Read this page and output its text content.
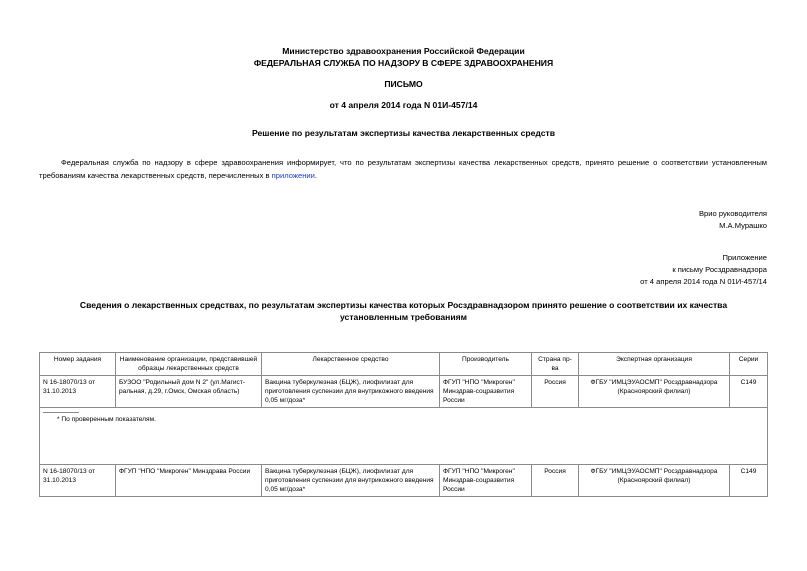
Министерство здравоохранения Российской Федерации
ФЕДЕРАЛЬНАЯ СЛУЖБА ПО НАДЗОРУ В СФЕРЕ ЗДРАВООХРАНЕНИЯ
ПИСЬМО
от 4 апреля 2014 года N 01И-457/14
Решение по результатам экспертизы качества лекарственных средств
Федеральная служба по надзору в сфере здравоохранения информирует, что по результатам экспертизы качества лекарственных средств, принято решение о соответствии установленным требованиям качества лекарственных средств, перечисленных в приложении.
Врио руководителя
М.А.Мурашко
Приложение
к письму Росздравнадзора
от 4 апреля 2014 года N 01И-457/14
Сведения о лекарственных средствах, по результатам экспертизы качества которых Росздравнадзором принято решение о соответствии их качества установленным требованиям
Номер задания	Наименование организации, представившей образцы лекарственных средств	Лекарственное средство	Производитель	Страна пр-ва	Экспертная организация	Серии
N 16-18070/13 от 31.10.2013	БУЗОО "Родильный дом N 2" (ул.Магист-ральная, д.29, г.Омск, Омская область)	Вакцина туберкулезная (БЦЖ), лиофилизат для приготовления суспензии для внутрикожного введения 0,05 мг/доза*	ФГУП "НПО "Микроген" Минздрав-соцразвития России	Россия	ФГБУ "ИМЦЭУАОСМП" Росздравнадзора (Красноярский филиал)	С149

* По проверенным показателям.						

N 16-18070/13 от 31.10.2013	ФГУП "НПО "Микроген" Минздрава России	Вакцина туберкулезная (БЦЖ), лиофилизат для приготовления суспензии для внутрикожного введения 0,05 мг/доза*	ФГУП "НПО "Микроген" Минздрав-соцразвития России	Россия	ФГБУ "ИМЦЭУАОСМП" Росздравнадзора (Красноярский филиал)	С149
